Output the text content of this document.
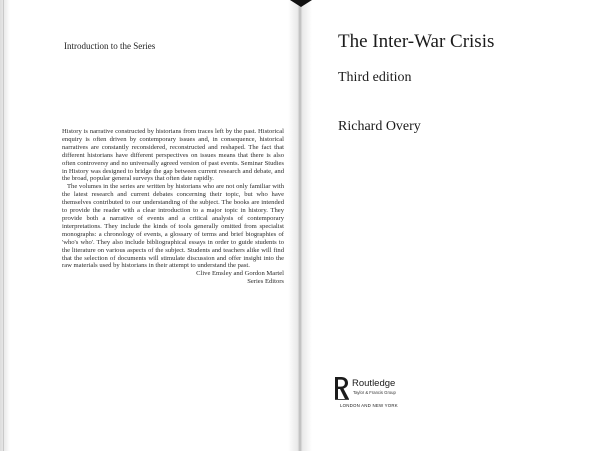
Introduction to the Series

History is narrative constructed by historians from traces left by the past. Historical enquiry is often driven by contemporary issues and, in consequence, historical narratives are constantly reconsidered, reconstructed and reshaped. The fact that different historians have different perspectives on issues means that there is also often controversy and no universally agreed version of past events. Seminar Studies in History was designed to bridge the gap between current research and debate, and the broad, popular general surveys that often date rapidly.

The volumes in the series are written by historians who are not only familiar with the latest research and current debates concerning their topic, but who have themselves contributed to our understanding of the subject. The books are intended to provide the reader with a clear introduction to a major topic in history. They provide both a narrative of events and a critical analysis of contemporary interpretations. They include the kinds of tools generally omitted from specialist monographs: a chronology of events, a glossary of terms and brief biographies of 'who's who'. They also include bibliographical essays in order to guide students to the literature on various aspects of the subject. Students and teachers alike will find that the selection of documents will stimulate discussion and offer insight into the raw materials used by historians in their attempt to understand the past.

Clive Emsley and Gordon Martel
Series Editors
The Inter-War Crisis
Third edition
Richard Overy
Routledge
Taylor & Francis Group
LONDON AND NEW YORK
